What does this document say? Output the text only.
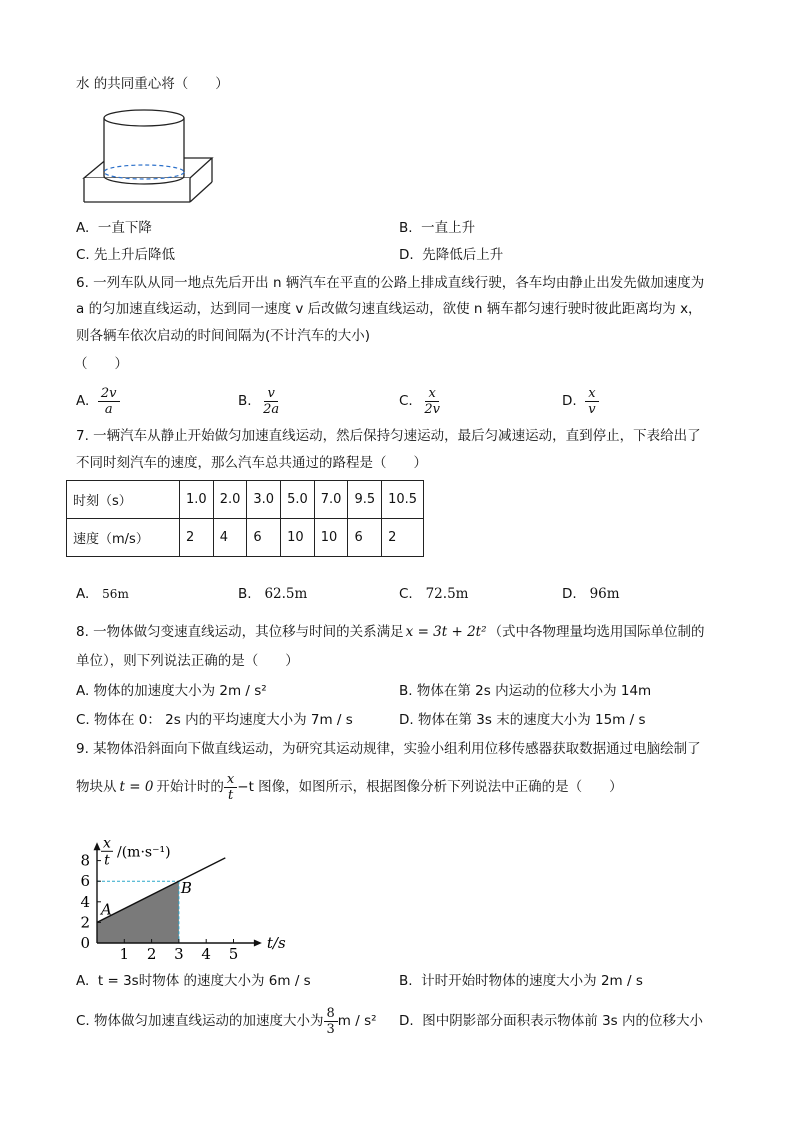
水 的共同重心将（　　）
A. 一直下降	B. 一直上升
C. 先上升后降低	D. 先降低后上升
6. 一列车队从同一地点先后开出 n 辆汽车在平直的公路上排成直线行驶，各车均由静止出发先做加速度为
a 的匀加速直线运动，达到同一速度 v 后改做匀速直线运动，欲使 n 辆车都匀速行驶时彼此距离均为 x，
则各辆车依次启动的时间间隔为(不计汽车的大小)
（　　）
A. $\frac{2v}{a}$	B. $\frac{v}{2a}$	C. $\frac{x}{2v}$	D. $\frac{x}{v}$
7. 一辆汽车从静止开始做匀加速直线运动，然后保持匀速运动，最后匀减速运动，直到停止，下表给出了
不同时刻汽车的速度，那么汽车总共通过的路程是（　　）
时刻（s）	1.0	2.0	3.0	5.0	7.0	9.5	10.5
速度（m/s）	2	4	6	10	10	6	2
A. 56m	B. 62.5m	C. 72.5m	D. 96m
8. 一物体做匀变速直线运动，其位移与时间的关系满足 x = 3t + 2t² （式中各物理量均选用国际单位制的
单位），则下列说法正确的是（　　）
A. 物体的加速度大小为 2m / s²	B. 物体在第 2s 内运动的位移大小为 14m
C. 物体在 0： 2s 内的平均速度大小为 7m / s	D. 物体在第 3s 末的速度大小为 15m / s
9. 某物体沿斜面向下做直线运动，为研究其运动规律，实验小组利用位移传感器获取数据通过电脑绘制了
物块从 t = 0 开始计时的 $\frac{x}{t} -t$ 图像，如图所示，根据图像分析下列说法中正确的是（　　）
1 2 3 4 5
0
2
4
6
8
A
B
x
t /(m·s⁻¹)
t/s
A. t = 3s时物体 的速度大小为 6m / s	B. 计时开始时物体的速度大小为 2m / s
C. 物体做匀加速直线运动的加速度大小为 $\frac{8}{3}$ m / s² D. 图中阴影部分面积表示物体前 3s 内的位移大小
